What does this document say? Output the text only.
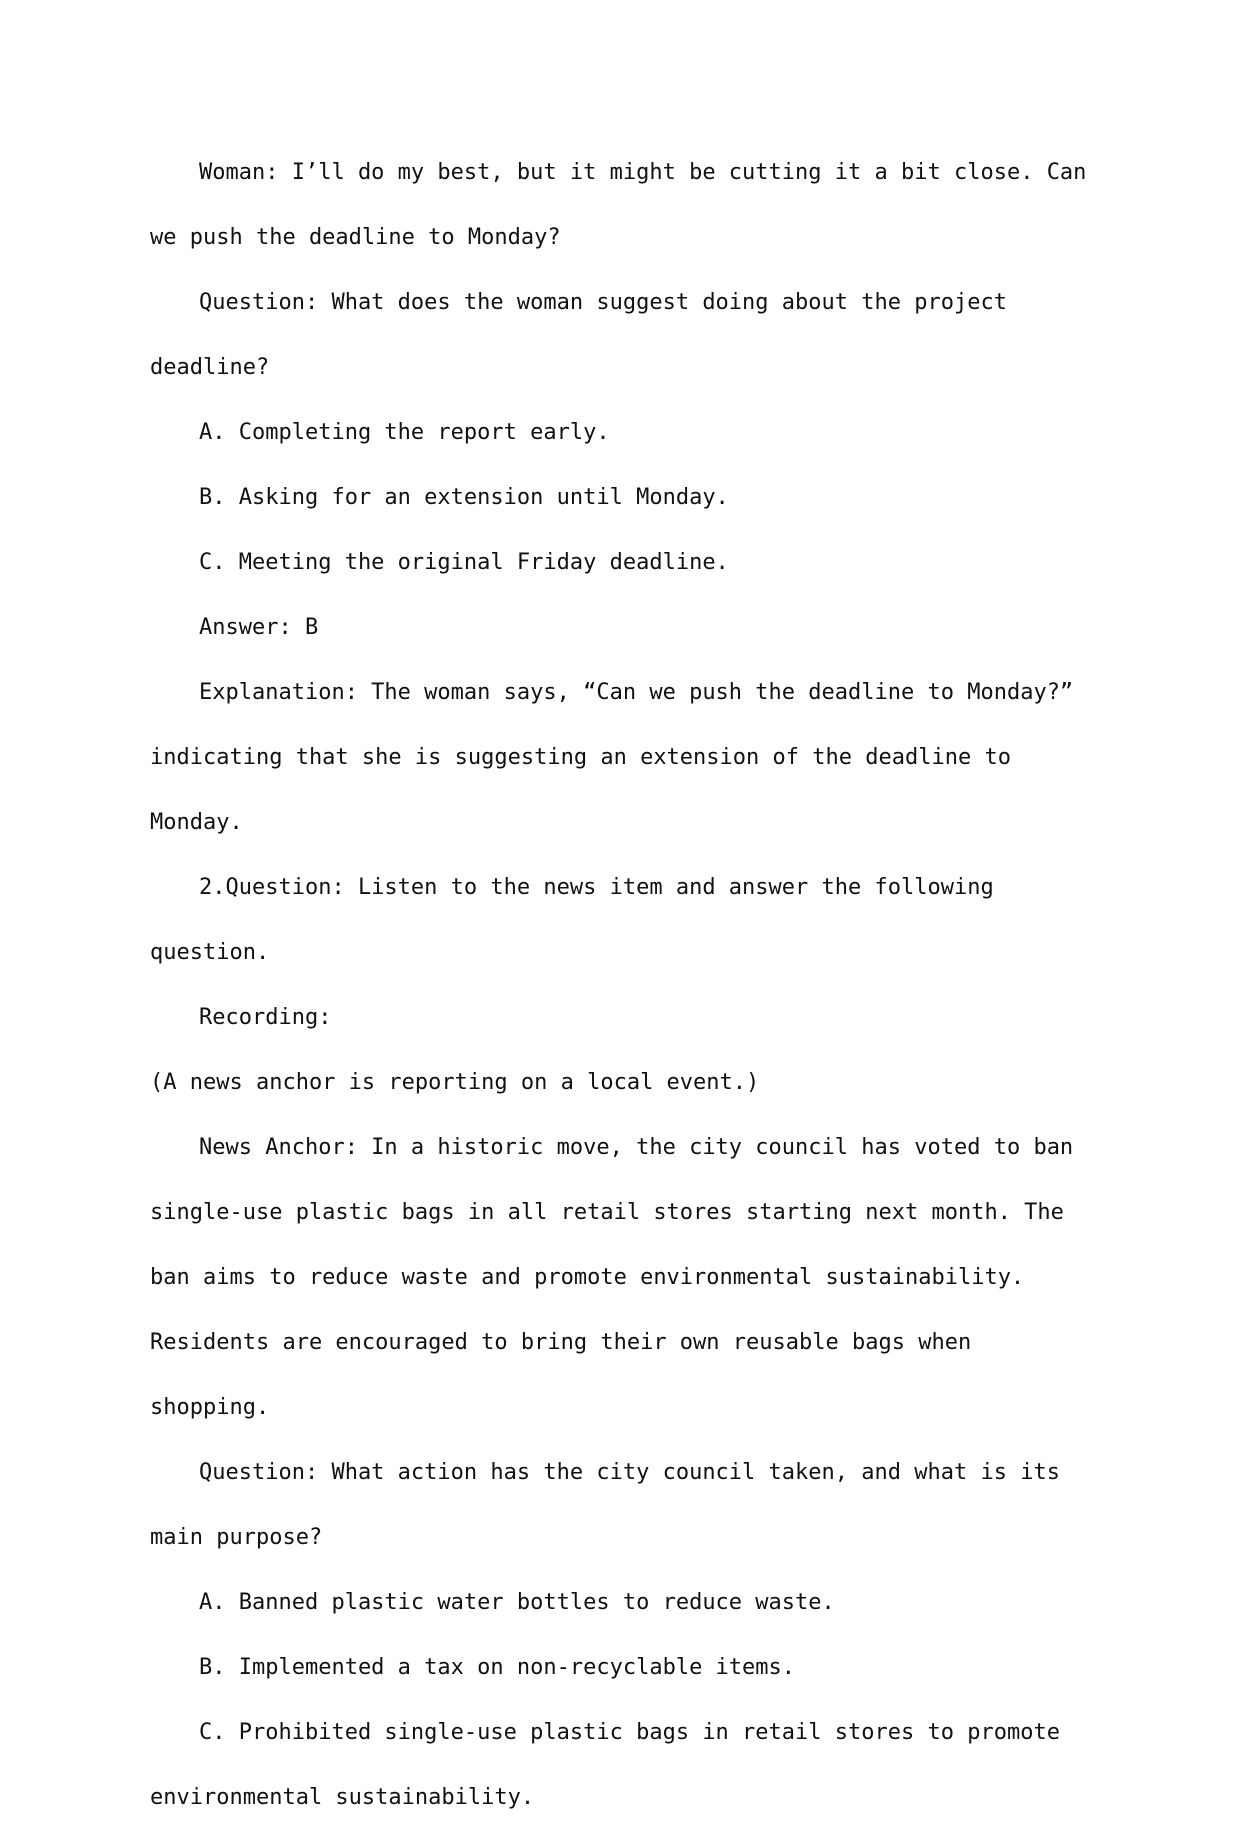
Woman: I’ll do my best, but it might be cutting it a bit close. Can we push the deadline to Monday?

Question: What does the woman suggest doing about the project deadline?

A. Completing the report early.

B. Asking for an extension until Monday.

C. Meeting the original Friday deadline.

Answer: B

Explanation: The woman says, “Can we push the deadline to Monday?” indicating that she is suggesting an extension of the deadline to Monday.

2.Question: Listen to the news item and answer the following question.

Recording:

(A news anchor is reporting on a local event.)

News Anchor: In a historic move, the city council has voted to ban single-use plastic bags in all retail stores starting next month. The ban aims to reduce waste and promote environmental sustainability. Residents are encouraged to bring their own reusable bags when shopping.

Question: What action has the city council taken, and what is its main purpose?

A. Banned plastic water bottles to reduce waste.

B. Implemented a tax on non-recyclable items.

C. Prohibited single-use plastic bags in retail stores to promote environmental sustainability.
